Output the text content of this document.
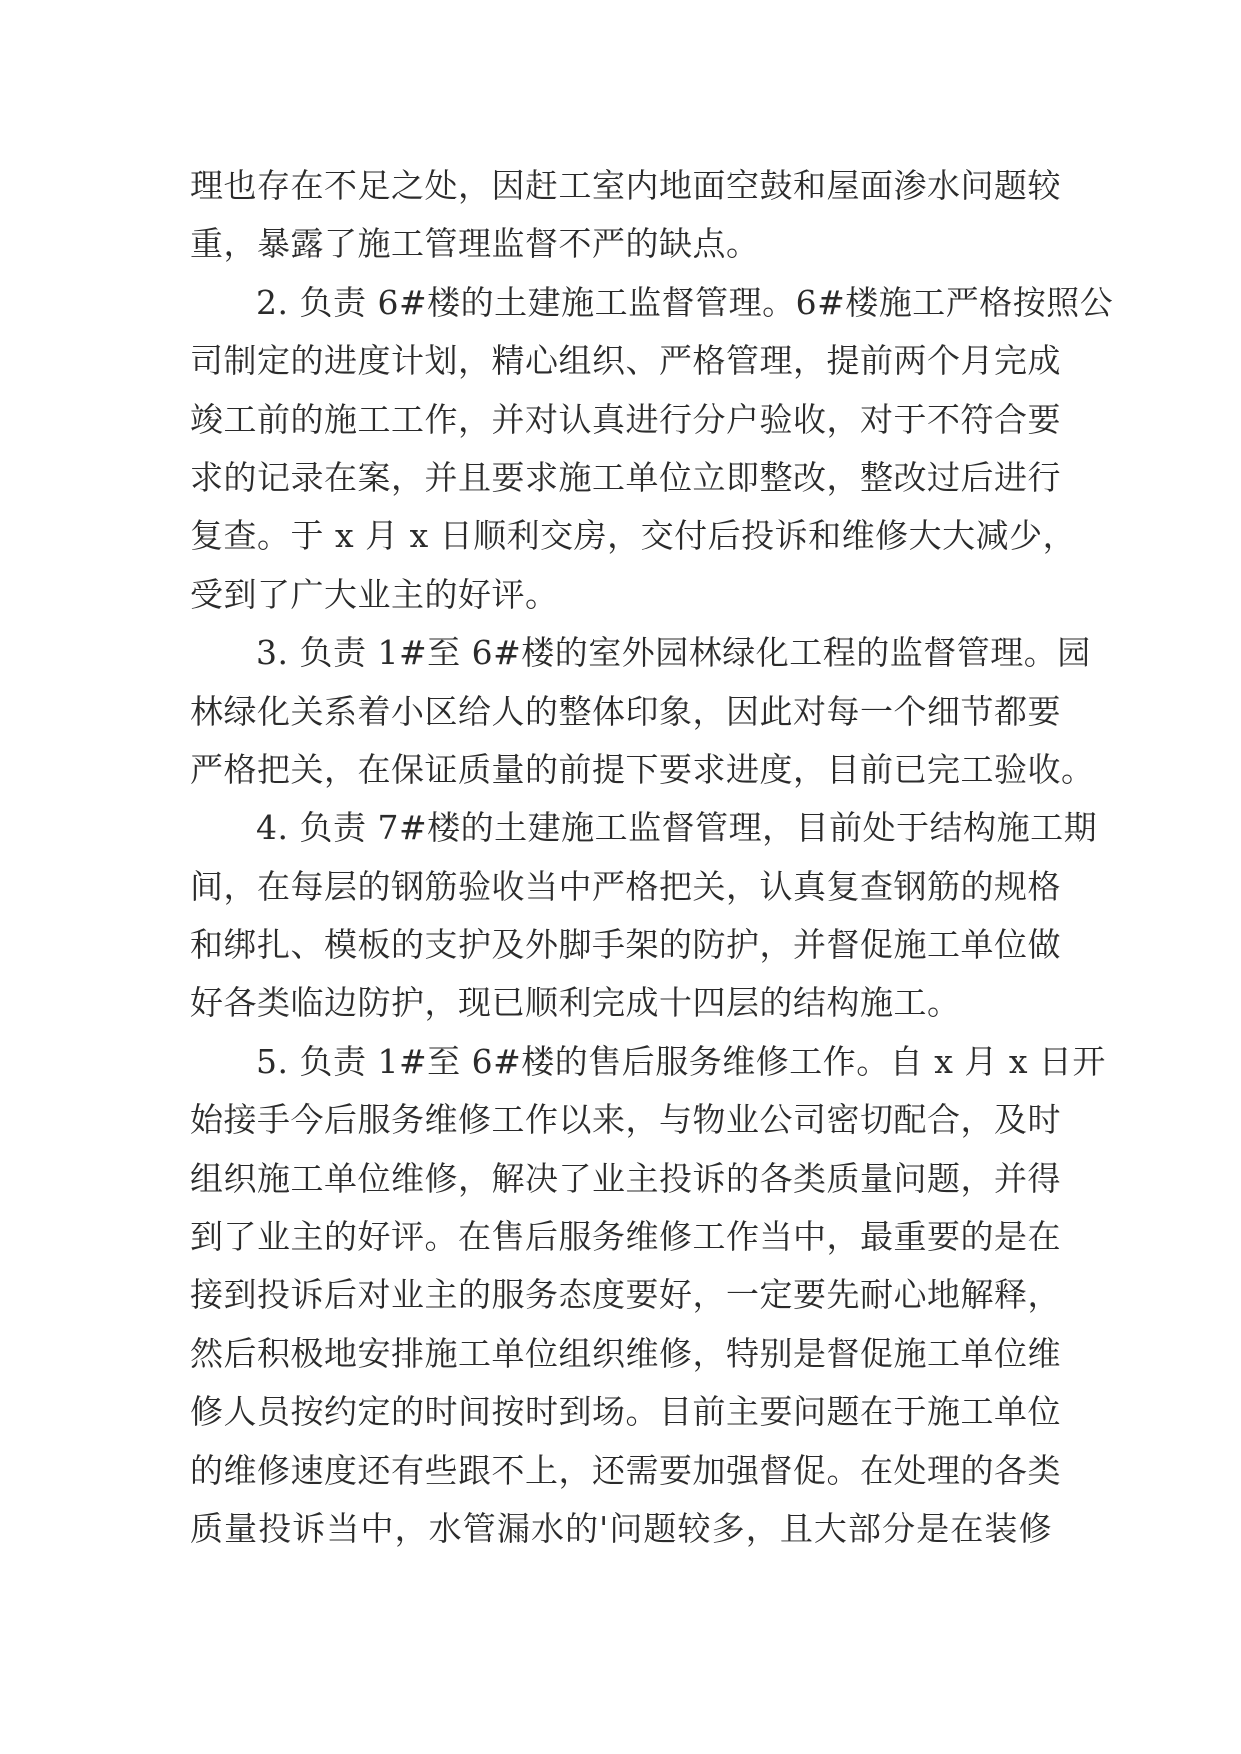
理也存在不足之处，因赶工室内地面空鼓和屋面渗水问题较
重，暴露了施工管理监督不严的缺点。
2. 负责 6#楼的土建施工监督管理。6#楼施工严格按照公
司制定的进度计划，精心组织、严格管理，提前两个月完成
竣工前的施工工作，并对认真进行分户验收，对于不符合要
求的记录在案，并且要求施工单位立即整改，整改过后进行
复查。于 x 月 x 日顺利交房，交付后投诉和维修大大减少，
受到了广大业主的好评。
3. 负责 1#至 6#楼的室外园林绿化工程的监督管理。园
林绿化关系着小区给人的整体印象，因此对每一个细节都要
严格把关，在保证质量的前提下要求进度，目前已完工验收。
4. 负责 7#楼的土建施工监督管理，目前处于结构施工期
间，在每层的钢筋验收当中严格把关，认真复查钢筋的规格
和绑扎、模板的支护及外脚手架的防护，并督促施工单位做
好各类临边防护，现已顺利完成十四层的结构施工。
5. 负责 1#至 6#楼的售后服务维修工作。自 x 月 x 日开
始接手今后服务维修工作以来，与物业公司密切配合，及时
组织施工单位维修，解决了业主投诉的各类质量问题，并得
到了业主的好评。在售后服务维修工作当中，最重要的是在
接到投诉后对业主的服务态度要好，一定要先耐心地解释，
然后积极地安排施工单位组织维修，特别是督促施工单位维
修人员按约定的时间按时到场。目前主要问题在于施工单位
的维修速度还有些跟不上，还需要加强督促。在处理的各类
质量投诉当中，水管漏水的'问题较多，且大部分是在装修
